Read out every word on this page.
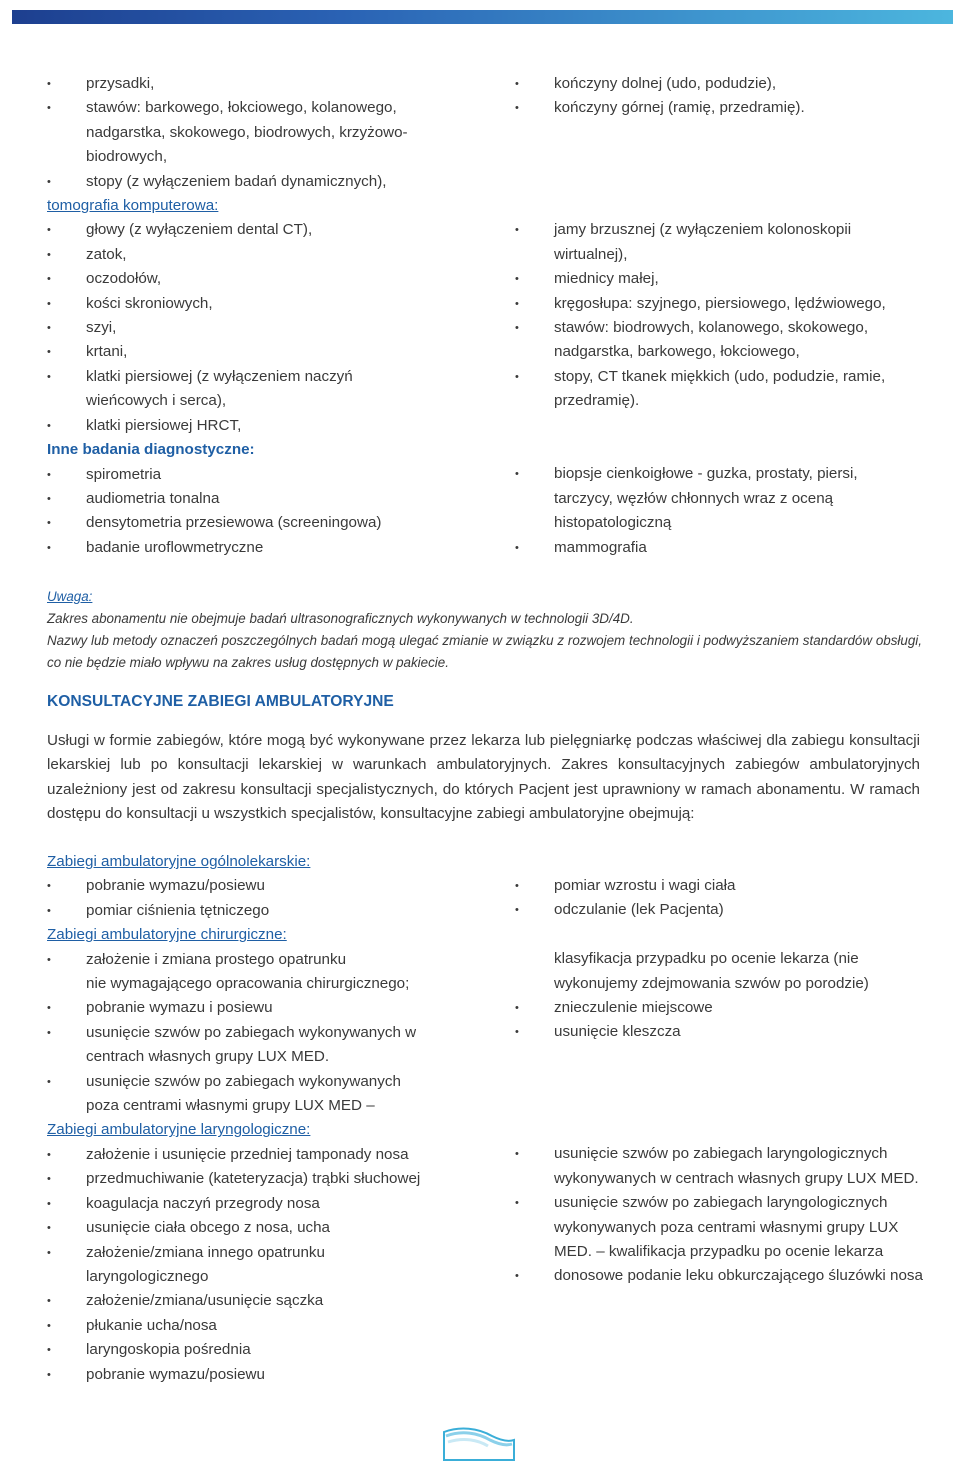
• przysadki,
• stawów: barkowego, łokciowego, kolanowego, nadgarstka, skokowego, biodrowych, krzyżowo-biodrowych,
• stopy (z wyłączeniem badań dynamicznych),
tomografia komputerowa:
• głowy (z wyłączeniem dental CT),
• zatok,
• oczodołów,
• kości skroniowych,
• szyi,
• krtani,
• klatki piersiowej (z wyłączeniem naczyń wieńcowych i serca),
• klatki piersiowej HRCT,
Inne badania diagnostyczne:
• spirometria
• audiometria tonalna
• densytometria przesiewowa (screeningowa)
• badanie uroflowmetryczne
• kończyny dolnej (udo, podudzie),
• kończyny górnej (ramię, przedramię).
• jamy brzusznej (z wyłączeniem kolonoskopii wirtualnej),
• miednicy małej,
• kręgosłupa: szyjnego, piersiowego, lędźwiowego,
• stawów: biodrowych, kolanowego, skokowego, nadgarstka, barkowego, łokciowego,
• stopy, CT tkanek miękkich (udo, podudzie, ramie, przedramię).
• biopsje cienkoigłowe - guzka, prostaty, piersi, tarczycy, węzłów chłonnych wraz z oceną histopatologiczną
• mammografia
Uwaga:
Zakres abonamentu nie obejmuje badań ultrasonograficznych wykonywanych w technologii 3D/4D.
Nazwy lub metody oznaczeń poszczególnych badań mogą ulegać zmianie w związku z rozwojem technologii i podwyższaniem standardów obsługi, co nie będzie miało wpływu na zakres usług dostępnych w pakiecie.
KONSULTACYJNE ZABIEGI AMBULATORYJNE
Usługi w formie zabiegów, które mogą być wykonywane przez lekarza lub pielęgniarkę podczas właściwej dla zabiegu konsultacji lekarskiej lub po konsultacji lekarskiej w warunkach ambulatoryjnych. Zakres konsultacyjnych zabiegów ambulatoryjnych uzależniony jest od zakresu konsultacji specjalistycznych, do których Pacjent jest uprawniony w ramach abonamentu. W ramach dostępu do konsultacji u wszystkich specjalistów, konsultacyjne zabiegi ambulatoryjne obejmują:
Zabiegi ambulatoryjne ogólnolekarskie:
• pobranie wymazu/posiewu
• pomiar ciśnienia tętniczego
Zabiegi ambulatoryjne chirurgiczne:
• założenie i zmiana prostego opatrunku
nie wymagającego opracowania chirurgicznego;
• pobranie wymazu i posiewu
• usunięcie szwów po zabiegach wykonywanych w centrach własnych grupy LUX MED.
• usunięcie szwów po zabiegach wykonywanych poza centrami własnymi grupy LUX MED –
Zabiegi ambulatoryjne laryngologiczne:
• założenie i usunięcie przedniej tamponady nosa
• przedmuchiwanie (kateteryzacja) trąbki słuchowej
• koagulacja naczyń przegrody nosa
• usunięcie ciała obcego z nosa, ucha
• założenie/zmiana innego opatrunku laryngologicznego
• założenie/zmiana/usunięcie sączka
• płukanie ucha/nosa
• laryngoskopia pośrednia
• pobranie wymazu/posiewu
• pomiar wzrostu i wagi ciała
• odczulanie (lek Pacjenta)
klasyfikacja przypadku po ocenie lekarza (nie wykonujemy zdejmowania szwów po porodzie)
• znieczulenie miejscowe
• usunięcie kleszcza
• usunięcie szwów po zabiegach laryngologicznych wykonywanych w centrach własnych grupy LUX MED.
• usunięcie szwów po zabiegach laryngologicznych wykonywanych poza centrami własnymi grupy LUX MED. – kwalifikacja przypadku po ocenie lekarza
• donosowe podanie leku obkurczającego śluzówki nosa
